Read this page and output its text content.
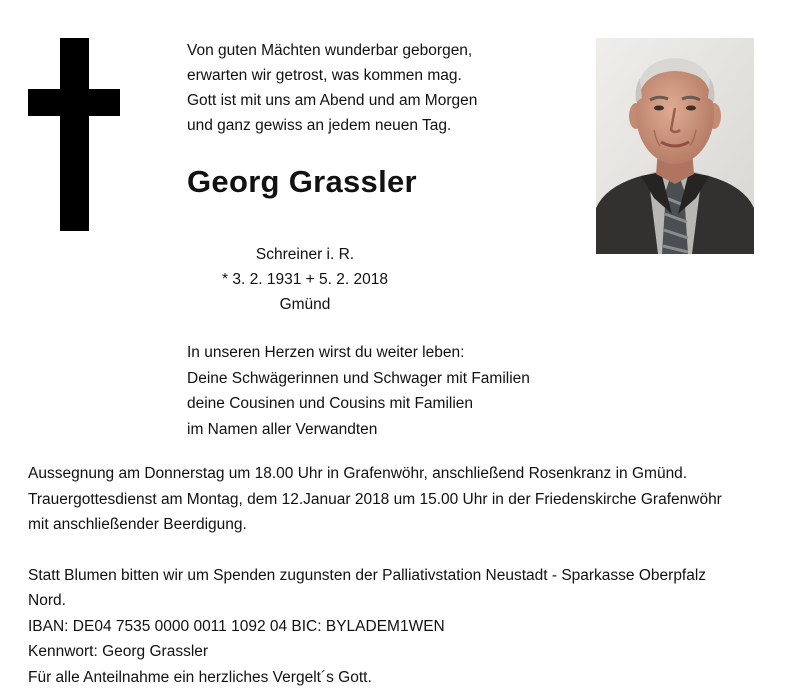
Von guten Mächten wunderbar geborgen,
erwarten wir getrost, was kommen mag.
Gott ist mit uns am Abend und am Morgen
und ganz gewiss an jedem neuen Tag.
Georg Grassler
Schreiner i. R.
* 3. 2. 1931 + 5. 2. 2018
Gmünd
In unseren Herzen wirst du weiter leben:
Deine Schwägerinnen und Schwager mit Familien
deine Cousinen und Cousins mit Familien
im Namen aller Verwandten
Aussegnung am Donnerstag um 18.00 Uhr in Grafenwöhr, anschließend Rosenkranz in Gmünd.
Trauergottesdienst am Montag, dem 12.Januar 2018 um 15.00 Uhr in der Friedenskirche Grafenwöhr
mit anschließender Beerdigung.
Statt Blumen bitten wir um Spenden zugunsten der Palliativstation Neustadt - Sparkasse Oberpfalz
Nord.
IBAN: DE04 7535 0000 0011 1092 04 BIC: BYLADEM1WEN
Kennwort: Georg Grassler
Für alle Anteilnahme ein herzliches Vergelt´s Gott.
